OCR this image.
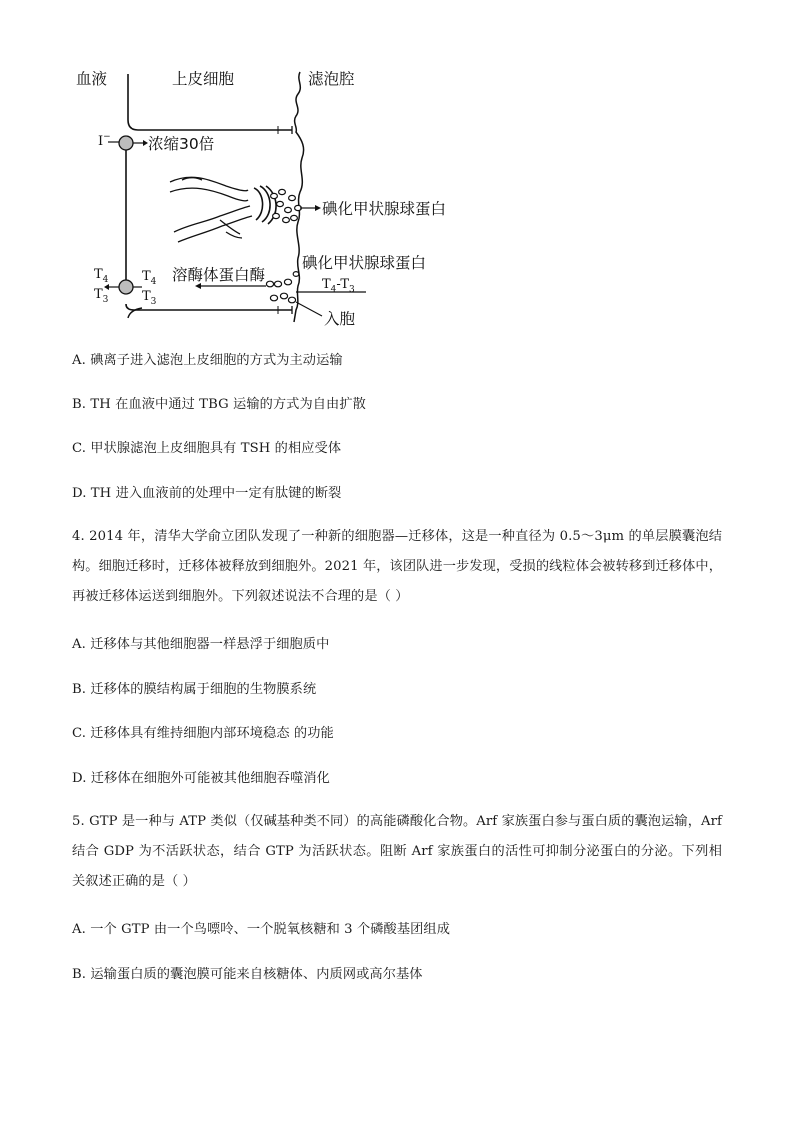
血液	上皮细胞	滤泡腔
I− 浓缩30倍
碘化甲状腺球蛋白
碘化甲状腺球蛋白
$T_4-T_3$
溶酶体蛋白酶
入胞
$T_4$
$T_3$
$T_4$
$T_3$
A. 碘离子进入滤泡上皮细胞的方式为主动运输
B. TH 在血液中通过 TBG 运输的方式为自由扩散
C. 甲状腺滤泡上皮细胞具有 TSH 的相应受体
D. TH 进入血液前的处理中一定有肽键的断裂
4. 2014 年，清华大学俞立团队发现了一种新的细胞器—迁移体，这是一种直径为 0.5～3μm 的单层膜囊泡结构。细胞迁移时，迁移体被释放到细胞外。2021 年，该团队进一步发现，受损的线粒体会被转移到迁移体中，再被迁移体运送到细胞外。下列叙述说法不合理的是（ ）
A. 迁移体与其他细胞器一样悬浮于细胞质中
B. 迁移体的膜结构属于细胞的生物膜系统
C. 迁移体具有维持细胞内部环境稳态 的功能
D. 迁移体在细胞外可能被其他细胞吞噬消化
5. GTP 是一种与 ATP 类似（仅碱基种类不同）的高能磷酸化合物。Arf 家族蛋白参与蛋白质的囊泡运输，Arf 结合 GDP 为不活跃状态，结合 GTP 为活跃状态。阻断 Arf 家族蛋白的活性可抑制分泌蛋白的分泌。下列相关叙述正确的是（ ）
A. 一个 GTP 由一个鸟嘌呤、一个脱氧核糖和 3 个磷酸基团组成
B. 运输蛋白质的囊泡膜可能来自核糖体、内质网或高尔基体
